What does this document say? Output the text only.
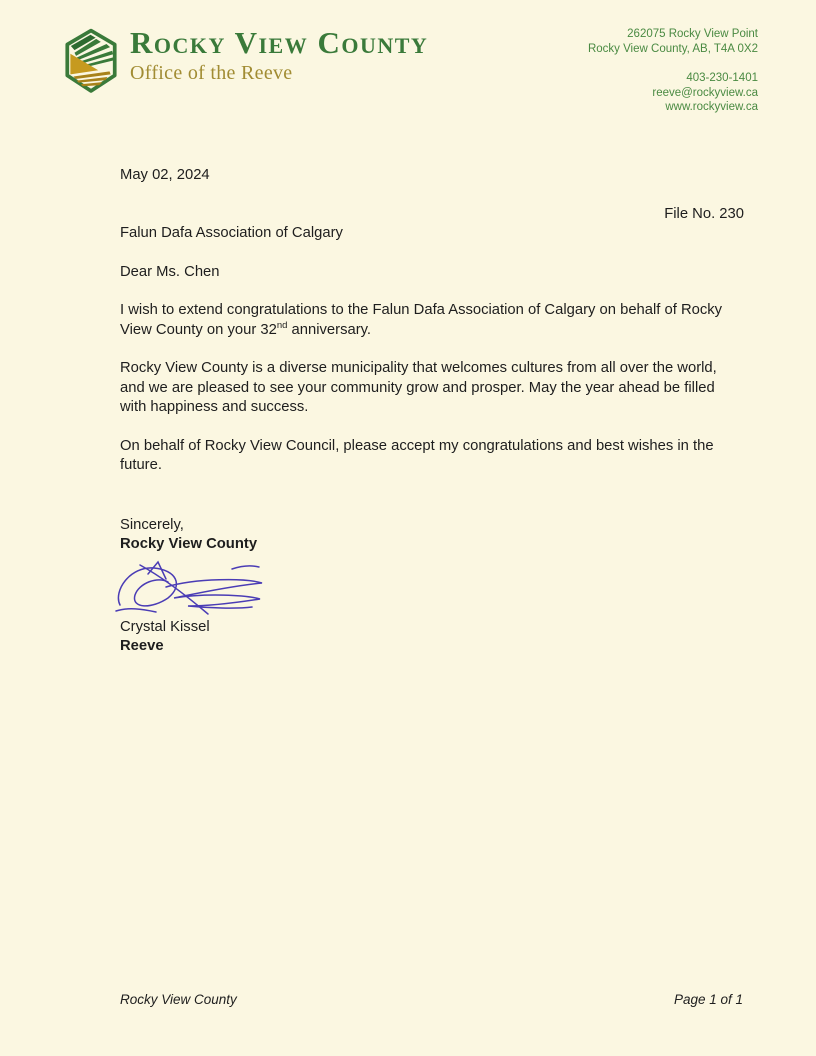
Rocky View County
Office of the Reeve
262075 Rocky View Point
Rocky View County, AB, T4A 0X2
403-230-1401
reeve@rockyview.ca
www.rockyview.ca
May 02, 2024
File No. 230
Falun Dafa Association of Calgary
Dear Ms. Chen

I wish to extend congratulations to the Falun Dafa Association of Calgary on behalf of Rocky View County on your 32nd anniversary.

Rocky View County is a diverse municipality that welcomes cultures from all over the world, and we are pleased to see your community grow and prosper. May the year ahead be filled with happiness and success.

On behalf of Rocky View Council, please accept my congratulations and best wishes in the future.

Sincerely,
Rocky View County
Crystal Kissel
Reeve
Rocky View County	Page 1 of 1
